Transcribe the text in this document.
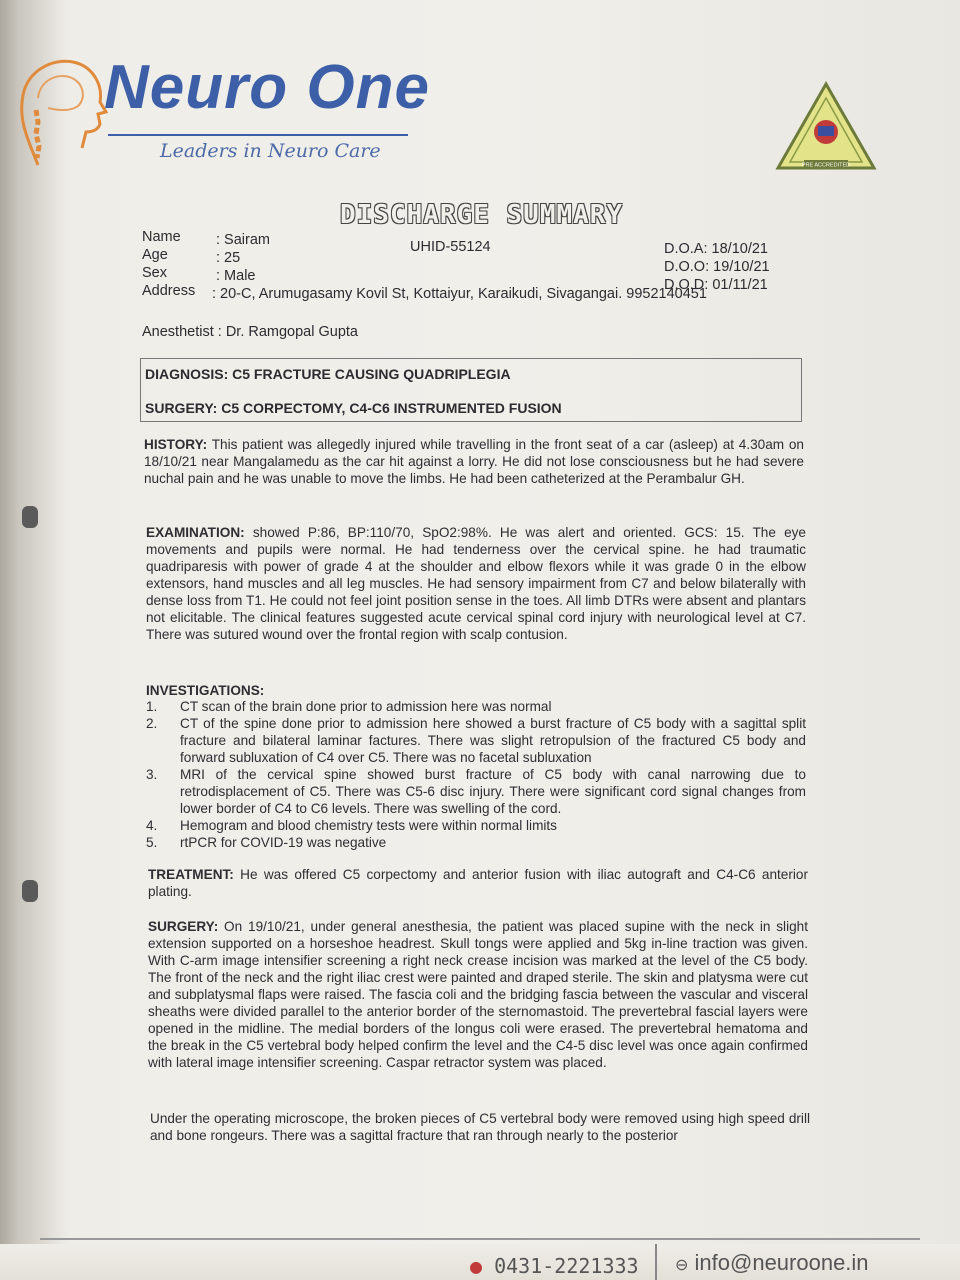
Neuro One
Leaders in Neuro Care
PRE ACCREDITED
DISCHARGE SUMMARY
Name : Sairam
Age	: 25
Sex	: Male
Address : 20-C, Arumugasamy Kovil St, Kottaiyur, Karaikudi, Sivagangai. 9952140451
UHID-55124	D.O.A: 18/10/21
D.O.O: 19/10/21
D.O.D: 01/11/21
Anesthetist : Dr. Ramgopal Gupta
DIAGNOSIS: C5 FRACTURE CAUSING QUADRIPLEGIA
SURGERY: C5 CORPECTOMY, C4-C6 INSTRUMENTED FUSION
HISTORY: This patient was allegedly injured while travelling in the front seat of a car (asleep) at 4.30am on 18/10/21 near Mangalamedu as the car hit against a lorry. He did not lose consciousness but he had severe nuchal pain and he was unable to move the limbs. He had been catheterized at the Perambalur GH.
EXAMINATION: showed P:86, BP:110/70, SpO2:98%. He was alert and oriented. GCS: 15. The eye movements and pupils were normal. He had tenderness over the cervical spine. he had traumatic quadriparesis with power of grade 4 at the shoulder and elbow flexors while it was grade 0 in the elbow extensors, hand muscles and all leg muscles. He had sensory impairment from C7 and below bilaterally with dense loss from T1. He could not feel joint position sense in the toes. All limb DTRs were absent and plantars not elicitable. The clinical features suggested acute cervical spinal cord injury with neurological level at C7. There was sutured wound over the frontal region with scalp contusion.
INVESTIGATIONS:
1.	CT scan of the brain done prior to admission here was normal
2.	CT of the spine done prior to admission here showed a burst fracture of C5 body with a sagittal split fracture and bilateral laminar factures. There was slight retropulsion of the fractured C5 body and forward subluxation of C4 over C5. There was no facetal subluxation
3.	MRI of the cervical spine showed burst fracture of C5 body with canal narrowing due to retrodisplacement of C5. There was C5-6 disc injury. There were significant cord signal changes from lower border of C4 to C6 levels. There was swelling of the cord.
4.	Hemogram and blood chemistry tests were within normal limits
5.	rtPCR for COVID-19 was negative
TREATMENT: He was offered C5 corpectomy and anterior fusion with iliac autograft and C4-C6 anterior plating.
SURGERY: On 19/10/21, under general anesthesia, the patient was placed supine with the neck in slight extension supported on a horseshoe headrest. Skull tongs were applied and 5kg in-line traction was given. With C-arm image intensifier screening a right neck crease incision was marked at the level of the C5 body. The front of the neck and the right iliac crest were painted and draped sterile. The skin and platysma were cut and subplatysmal flaps were raised. The fascia coli and the bridging fascia between the vascular and visceral sheaths were divided parallel to the anterior border of the sternomastoid. The prevertebral fascial layers were opened in the midline. The medial borders of the longus coli were erased. The prevertebral hematoma and the break in the C5 vertebral body helped confirm the level and the C4-5 disc level was once again confirmed with lateral image intensifier screening. Caspar retractor system was placed.
Under the operating microscope, the broken pieces of C5 vertebral body were removed using high speed drill and bone rongeurs. There was a sagittal fracture that ran through nearly to the posterior
● 0431-2221333 ⊖ info@neuroone.in
